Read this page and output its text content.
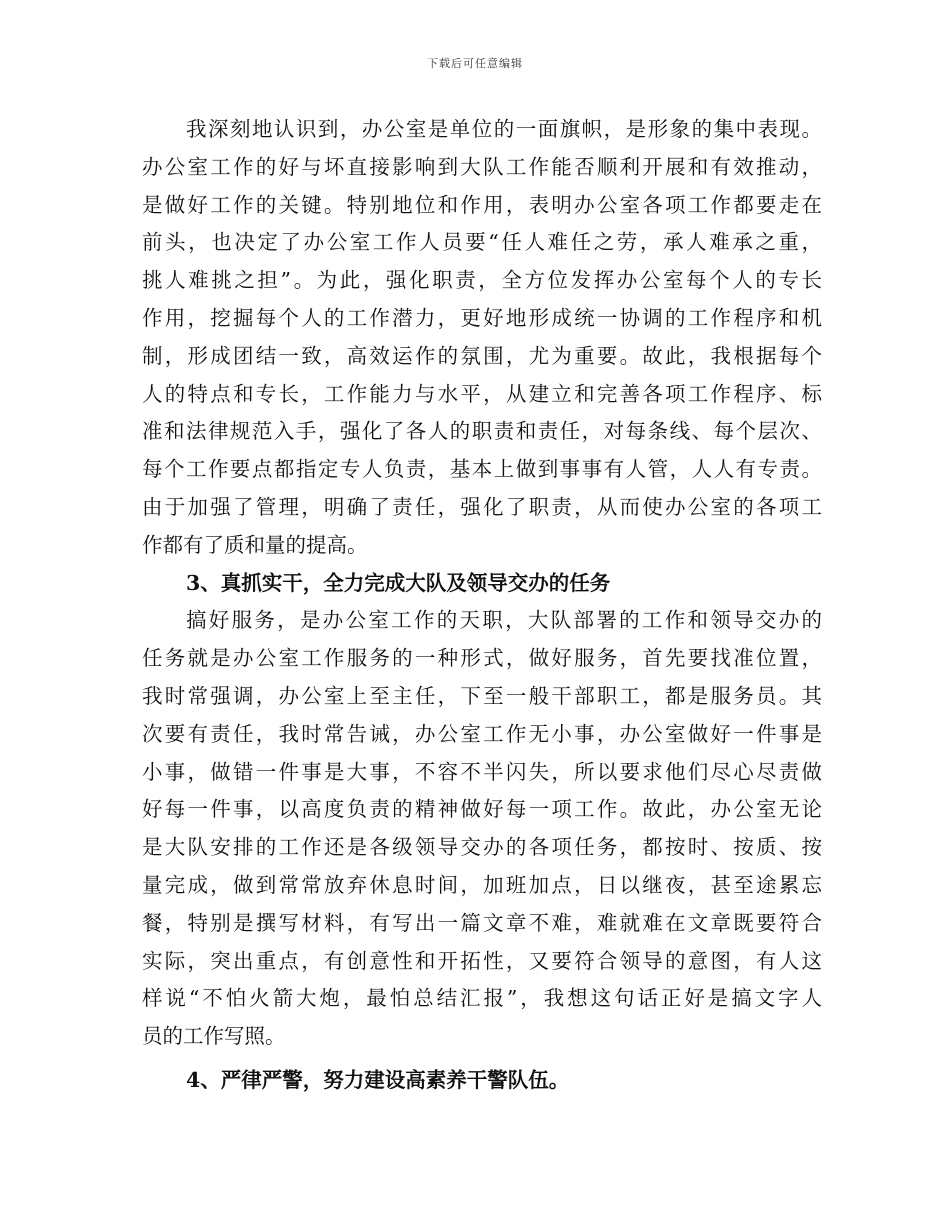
下载后可任意编辑
我深刻地认识到，办公室是单位的一面旗帜，是形象的集中表现。
办公室工作的好与坏直接影响到大队工作能否顺利开展和有效推动，
是做好工作的关键。特别地位和作用，表明办公室各项工作都要走在
前头，也决定了办公室工作人员要“任人难任之劳，承人难承之重，
挑人难挑之担”。为此，强化职责，全方位发挥办公室每个人的专长
作用，挖掘每个人的工作潜力，更好地形成统一协调的工作程序和机
制，形成团结一致，高效运作的氛围，尤为重要。故此，我根据每个
人的特点和专长，工作能力与水平，从建立和完善各项工作程序、标
准和法律规范入手，强化了各人的职责和责任，对每条线、每个层次、
每个工作要点都指定专人负责，基本上做到事事有人管，人人有专责。
由于加强了管理，明确了责任，强化了职责，从而使办公室的各项工
作都有了质和量的提高。
3、真抓实干，全力完成大队及领导交办的任务
搞好服务，是办公室工作的天职，大队部署的工作和领导交办的
任务就是办公室工作服务的一种形式，做好服务，首先要找准位置，
我时常强调，办公室上至主任，下至一般干部职工，都是服务员。其
次要有责任，我时常告诫，办公室工作无小事，办公室做好一件事是
小事，做错一件事是大事，不容不半闪失，所以要求他们尽心尽责做
好每一件事，以高度负责的精神做好每一项工作。故此，办公室无论
是大队安排的工作还是各级领导交办的各项任务，都按时、按质、按
量完成，做到常常放弃休息时间，加班加点，日以继夜，甚至途累忘
餐，特别是撰写材料，有写出一篇文章不难，难就难在文章既要符合
实际，突出重点，有创意性和开拓性，又要符合领导的意图，有人这
样说“不怕火箭大炮，最怕总结汇报”，我想这句话正好是搞文字人
员的工作写照。
4、严律严警，努力建设高素养干警队伍。
